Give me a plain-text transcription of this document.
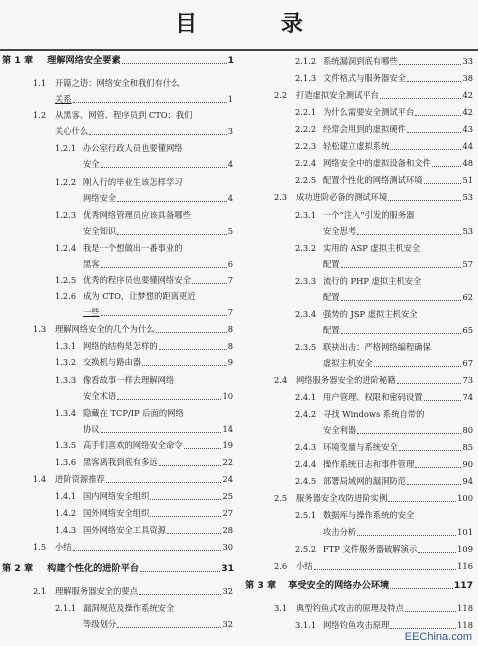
目 录
第 1 章 理解网络安全要素	1
1.1 开篇之语：网络安全和我们有什么
关系	1
1.2 从黑客、网管、程序员到 CTO：我们
关心什么	3
1.2.1 办公室行政人员也要懂网络
安全	4
1.2.2 刚入行的毕业生该怎样学习
网络安全	4
1.2.3 优秀网络管理员应该具备哪些
安全知识	5
1.2.4 我是一个想做出一番事业的
黑客	6
1.2.5 优秀的程序员也要懂网络安全	7
1.2.6 成为 CTO，让梦想的距离更近
一些	7
1.3 理解网络安全的几个为什么	8
1.3.1 网络的结构是怎样的	8
1.3.2 交换机与路由器	9
1.3.3 像看故事一样去理解网络
安全术语	10
1.3.4 隐藏在 TCP/IP 后面的网络
协议	14
1.3.5 高手们喜欢的网络安全命令	19
1.3.6 黑客离我到底有多远	22
1.4 进阶资源推荐	24
1.4.1 国内网络安全组织	25
1.4.2 国外网络安全组织	27
1.4.3 国外网络安全工具资源	28
1.5 小结	30
第 2 章 构建个性化的进阶平台	31
2.1 理解服务器安全的要点	32
2.1.1 漏洞规范及操作系统安全
等级划分	32
2.1.2 系统漏洞到底有哪些	33
2.1.3 文件格式与服务器安全	38
2.2 打造虚拟安全测试平台	42
2.2.1 为什么需要安全测试平台	42
2.2.2 经常会用到的虚拟硬件	43
2.2.3 轻松建立虚拟系统	44
2.2.4 网络安全中的虚拟设备和文件	48
2.2.5 配置个性化的网络测试环境	51
2.3 成功进阶必备的测试环境	53
2.3.1 一个“注入”引发的服务器
安全思考	53
2.3.2 实用的 ASP 虚拟主机安全
配置	57
2.3.3 流行的 PHP 虚拟主机安全
配置	62
2.3.4 强势的 JSP 虚拟主机安全
配置	65
2.3.5 联袂出击：严格网络编程确保
虚拟主机安全	67
2.4 网络服务器安全的进阶秘籍	73
2.4.1 用户管理、权限和密码设置	74
2.4.2 寻找 Windows 系统自带的
安全利器	80
2.4.3 环境变量与系统安全	85
2.4.4 操作系统日志和事件管理	90
2.4.5 部署局域网的漏洞防范	94
2.5 服务器安全攻防进阶实例	100
2.5.1 数据库与操作系统的安全
攻击分析	101
2.5.2 FTP 文件服务器破解演示	109
2.6 小结	116
第 3 章 享受安全的网络办公环境	117
3.1 典型钓鱼式攻击的原理及特点	118
3.1.1 网络钓鱼攻击原理	118
EEChina.com
